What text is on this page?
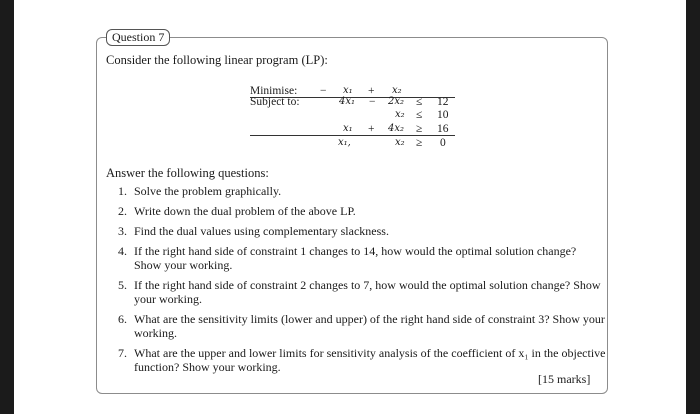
Question 7
Consider the following linear program (LP):
Minimise: − x₁ + x₂
Subject to:	4x₁ − 2x₂ ≤ 12
x₂ ≤ 10
x₁ + 4x₂ ≥ 16
x₁,	x₂ ≥ 0
Answer the following questions:
1. Solve the problem graphically.
2. Write down the dual problem of the above LP.
3. Find the dual values using complementary slackness.
4. If the right hand side of constraint 1 changes to 14, how would the optimal solution change? Show your working.
5. If the right hand side of constraint 2 changes to 7, how would the optimal solution change? Show your working.
6. What are the sensitivity limits (lower and upper) of the right hand side of constraint 3? Show your working.
7. What are the upper and lower limits for sensitivity analysis of the coefficient of x₁ in the objective function? Show your working.
[15 marks]
